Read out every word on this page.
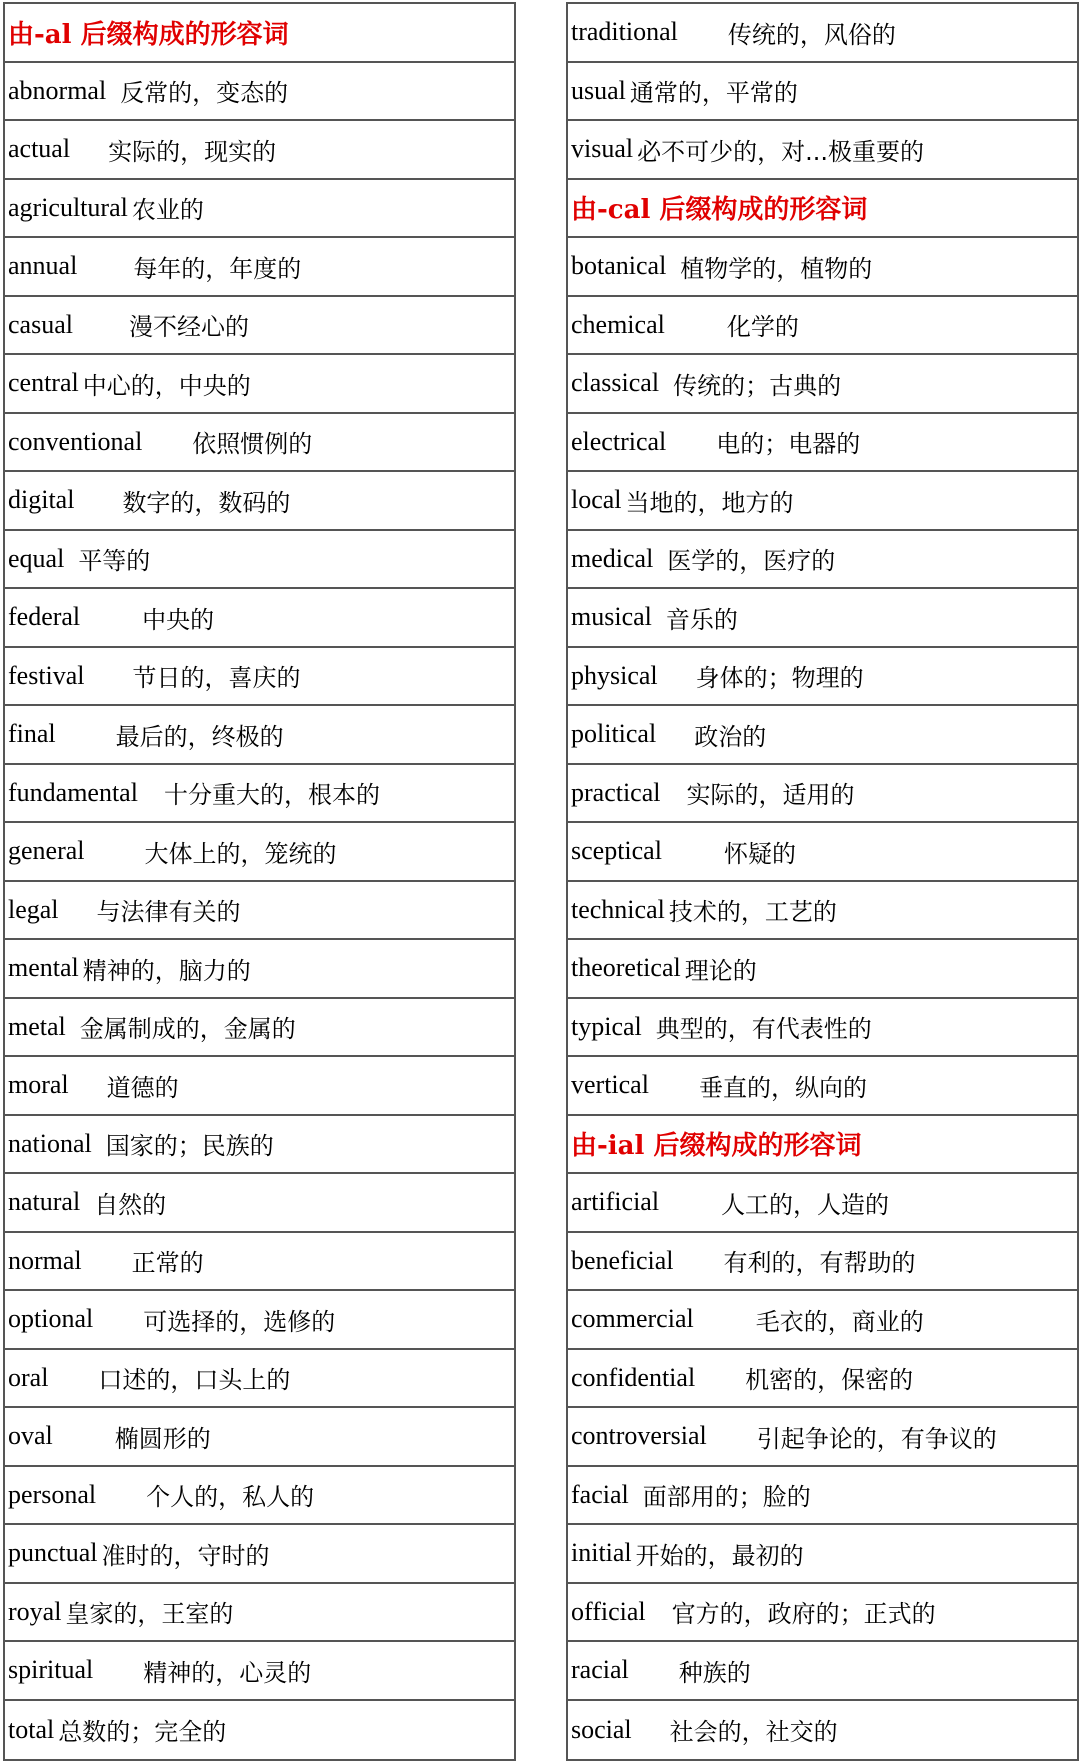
由-al 后缀构成的形容词
abnormal 反常的，变态的
actual 实际的，现实的
agricultural 农业的
annual 每年的，年度的
casual 漫不经心的
central 中心的，中央的
conventional 依照惯例的
digital 数字的，数码的
equal 平等的
federal	中央的
festival 节日的，喜庆的
final	最后的，终极的
fundamental 十分重大的，根本的
general	大体上的，笼统的
legal 与法律有关的
mental 精神的，脑力的
metal 金属制成的，金属的
moral 道德的
national 国家的；民族的
natural 自然的
normal 正常的
optional 可选择的，选修的
oral 口述的，口头上的
oval	椭圆形的
personal 个人的，私人的
punctual 准时的，守时的
royal 皇家的，王室的
spiritual 精神的，心灵的
total 总数的；完全的
traditional 传统的，风俗的
usual 通常的，平常的
visual 必不可少的，对...极重要的
由-cal 后缀构成的形容词
botanical 植物学的，植物的
chemical	化学的
classical 传统的；古典的
electrical 电的；电器的
local 当地的，地方的
medical 医学的，医疗的
musical 音乐的
physical 身体的；物理的
political 政治的
practical 实际的，适用的
sceptical	怀疑的
technical 技术的，工艺的
theoretical 理论的
typical 典型的，有代表性的
vertical 垂直的，纵向的
由-ial 后缀构成的形容词
artificial	人工的，人造的
beneficial 有利的，有帮助的
commercial	毛衣的，商业的
confidential 机密的，保密的
controversial 引起争论的，有争议的
facial 面部用的；脸的
initial 开始的，最初的
official 官方的，政府的；正式的
racial 种族的
social 社会的，社交的
